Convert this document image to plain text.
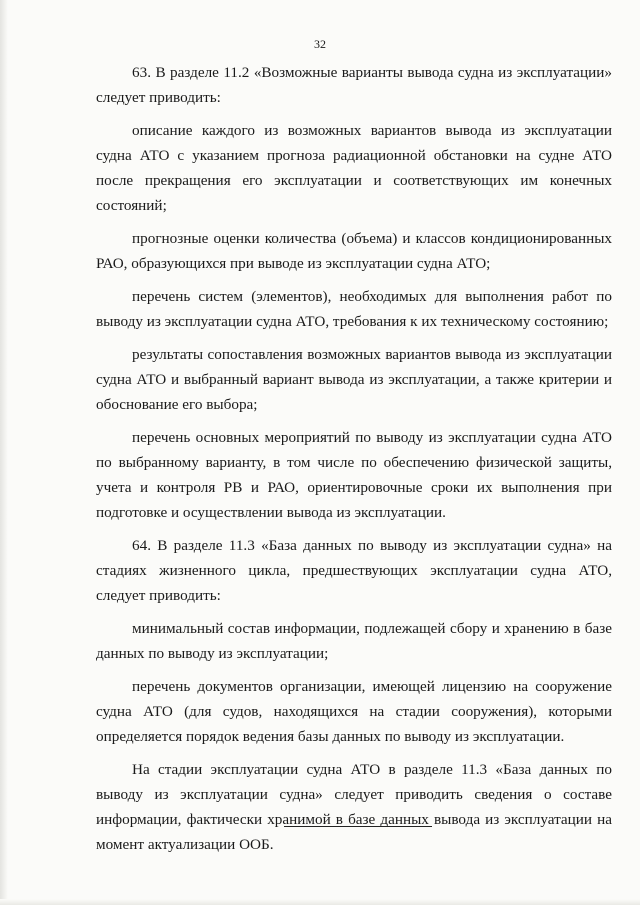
32

63. В разделе 11.2 «Возможные варианты вывода судна из эксплуатации» следует приводить:

описание каждого из возможных вариантов вывода из эксплуатации судна АТО с указанием прогноза радиационной обстановки на судне АТО после прекращения его эксплуатации и соответствующих им конечных состояний;

прогнозные оценки количества (объема) и классов кондиционированных РАО, образующихся при выводе из эксплуатации судна АТО;

перечень систем (элементов), необходимых для выполнения работ по выводу из эксплуатации судна АТО, требования к их техническому состоянию;

результаты сопоставления возможных вариантов вывода из эксплуатации судна АТО и выбранный вариант вывода из эксплуатации, а также критерии и обоснование его выбора;

перечень основных мероприятий по выводу из эксплуатации судна АТО по выбранному варианту, в том числе по обеспечению физической защиты, учета и контроля РВ и РАО, ориентировочные сроки их выполнения при подготовке и осуществлении вывода из эксплуатации.

64. В разделе 11.3 «База данных по выводу из эксплуатации судна» на стадиях жизненного цикла, предшествующих эксплуатации судна АТО, следует приводить:

минимальный состав информации, подлежащей сбору и хранению в базе данных по выводу из эксплуатации;

перечень документов организации, имеющей лицензию на сооружение судна АТО (для судов, находящихся на стадии сооружения), которыми определяется порядок ведения базы данных по выводу из эксплуатации.

На стадии эксплуатации судна АТО в разделе 11.3 «База данных по выводу из эксплуатации судна» следует приводить сведения о составе информации, фактически хранимой в базе данных вывода из эксплуатации на момент актуализации ООБ.
